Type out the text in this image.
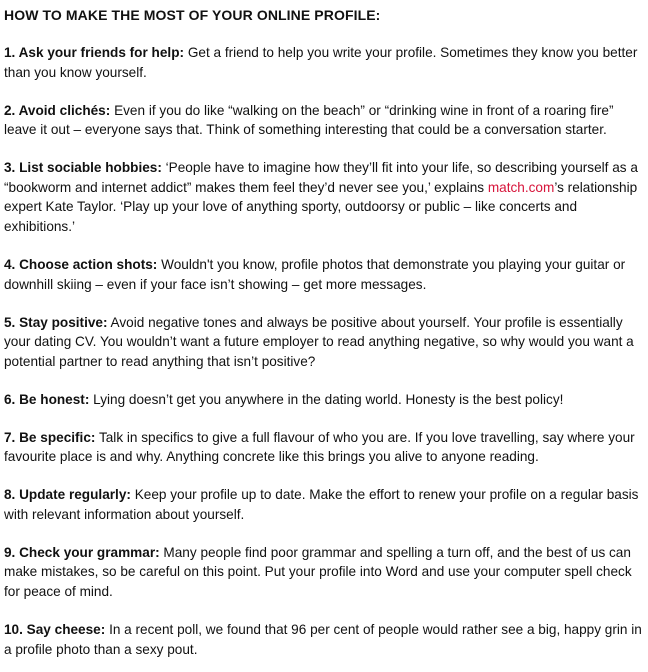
HOW TO MAKE THE MOST OF YOUR ONLINE PROFILE:

1. Ask your friends for help: Get a friend to help you write your profile. Sometimes they know you better than you know yourself.

2. Avoid clichés: Even if you do like “walking on the beach” or “drinking wine in front of a roaring fire” leave it out – everyone says that. Think of something interesting that could be a conversation starter.

3. List sociable hobbies: ‘People have to imagine how they’ll fit into your life, so describing yourself as a “bookworm and internet addict” makes them feel they’d never see you,’ explains match.com’s relationship expert Kate Taylor. ‘Play up your love of anything sporty, outdoorsy or public – like concerts and exhibitions.’

4. Choose action shots: Wouldn't you know, profile photos that demonstrate you playing your guitar or downhill skiing – even if your face isn’t showing – get more messages.

5. Stay positive: Avoid negative tones and always be positive about yourself. Your profile is essentially your dating CV. You wouldn’t want a future employer to read anything negative, so why would you want a potential partner to read anything that isn’t positive?

6. Be honest: Lying doesn’t get you anywhere in the dating world. Honesty is the best policy!

7. Be specific: Talk in specifics to give a full flavour of who you are. If you love travelling, say where your favourite place is and why. Anything concrete like this brings you alive to anyone reading.

8. Update regularly: Keep your profile up to date. Make the effort to renew your profile on a regular basis with relevant information about yourself.

9. Check your grammar: Many people find poor grammar and spelling a turn off, and the best of us can make mistakes, so be careful on this point. Put your profile into Word and use your computer spell check for peace of mind.

10. Say cheese: In a recent poll, we found that 96 per cent of people would rather see a big, happy grin in a profile photo than a sexy pout.
